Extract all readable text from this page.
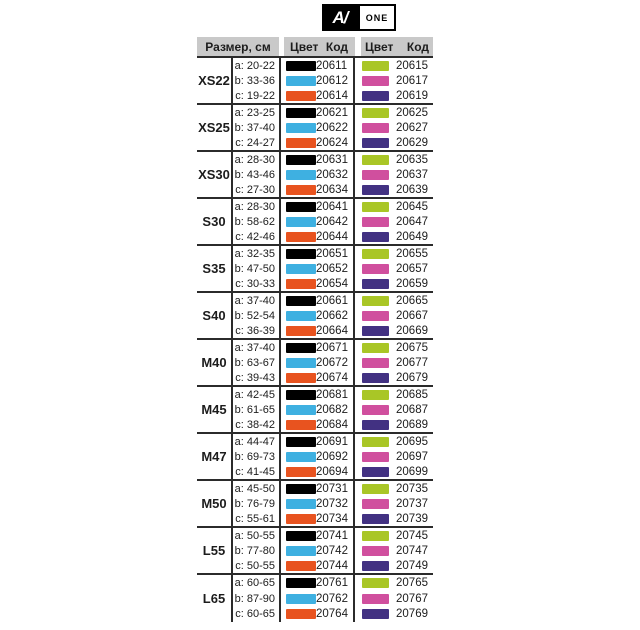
A/	ONE
Размер, см	Цвет Код Цвет Код
XS22
a: 20-22
b: 33-36
c: 19-22
20611
20612
20614
20615
20617
20619
XS25
a: 23-25
b: 37-40
c: 24-27
20621
20622
20624
20625
20627
20629
XS30
a: 28-30
b: 43-46
c: 27-30
20631
20632
20634
20635
20637
20639
S30
a: 28-30
b: 58-62
c: 42-46
20641
20642
20644
20645
20647
20649
S35
a: 32-35
b: 47-50
c: 30-33
20651
20652
20654
20655
20657
20659
S40
a: 37-40
b: 52-54
c: 36-39
20661
20662
20664
20665
20667
20669
M40
a: 37-40
b: 63-67
c: 39-43
20671
20672
20674
20675
20677
20679
M45
a: 42-45
b: 61-65
c: 38-42
20681
20682
20684
20685
20687
20689
M47
a: 44-47
b: 69-73
c: 41-45
20691
20692
20694
20695
20697
20699
M50
a: 45-50
b: 76-79
c: 55-61
20731
20732
20734
20735
20737
20739
L55
a: 50-55
b: 77-80
c: 50-55
20741
20742
20744
20745
20747
20749
L65
a: 60-65
b: 87-90
c: 60-65
20761
20762
20764
20765
20767
20769
